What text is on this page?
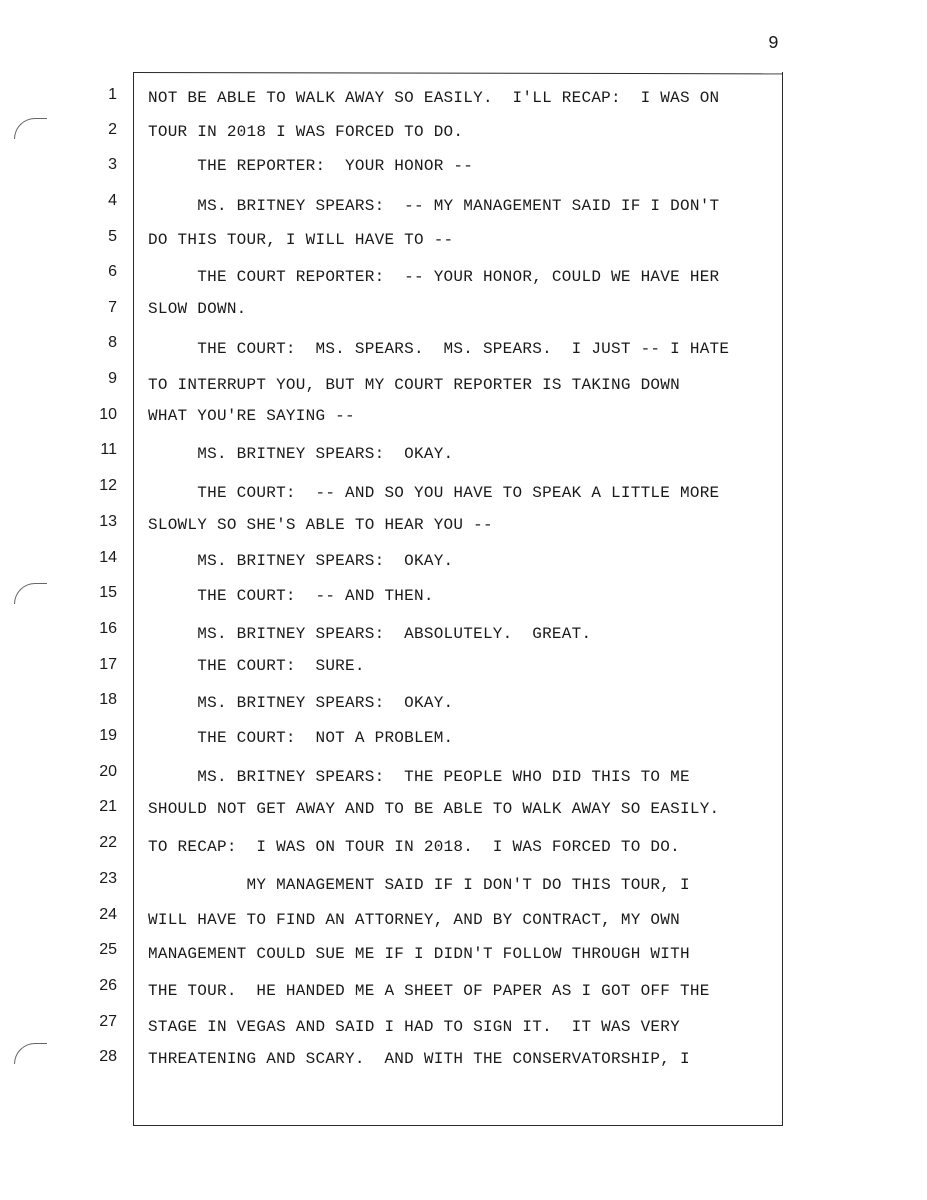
9
1 NOT BE ABLE TO WALK AWAY SO EASILY.  I'LL RECAP:  I WAS ON
2 TOUR IN 2018 I WAS FORCED TO DO.
3 THE REPORTER:  YOUR HONOR --
4 MS. BRITNEY SPEARS:  -- MY MANAGEMENT SAID IF I DON'T
5 DO THIS TOUR, I WILL HAVE TO --
6 THE COURT REPORTER:  -- YOUR HONOR, COULD WE HAVE HER
7 SLOW DOWN.
8 THE COURT:  MS. SPEARS.  MS. SPEARS.  I JUST -- I HATE
9 TO INTERRUPT YOU, BUT MY COURT REPORTER IS TAKING DOWN
10 WHAT YOU'RE SAYING --
11 MS. BRITNEY SPEARS:  OKAY.
12 THE COURT:  -- AND SO YOU HAVE TO SPEAK A LITTLE MORE
13 SLOWLY SO SHE'S ABLE TO HEAR YOU --
14 MS. BRITNEY SPEARS:  OKAY.
15 THE COURT:  -- AND THEN.
16 MS. BRITNEY SPEARS:  ABSOLUTELY.  GREAT.
17 THE COURT:  SURE.
18 MS. BRITNEY SPEARS:  OKAY.
19 THE COURT:  NOT A PROBLEM.
20 MS. BRITNEY SPEARS:  THE PEOPLE WHO DID THIS TO ME
21 SHOULD NOT GET AWAY AND TO BE ABLE TO WALK AWAY SO EASILY.
22 TO RECAP:  I WAS ON TOUR IN 2018.  I WAS FORCED TO DO.
23 MY MANAGEMENT SAID IF I DON'T DO THIS TOUR, I
24 WILL HAVE TO FIND AN ATTORNEY, AND BY CONTRACT, MY OWN
25 MANAGEMENT COULD SUE ME IF I DIDN'T FOLLOW THROUGH WITH
26 THE TOUR.  HE HANDED ME A SHEET OF PAPER AS I GOT OFF THE
27 STAGE IN VEGAS AND SAID I HAD TO SIGN IT.  IT WAS VERY
28 THREATENING AND SCARY.  AND WITH THE CONSERVATORSHIP, I
